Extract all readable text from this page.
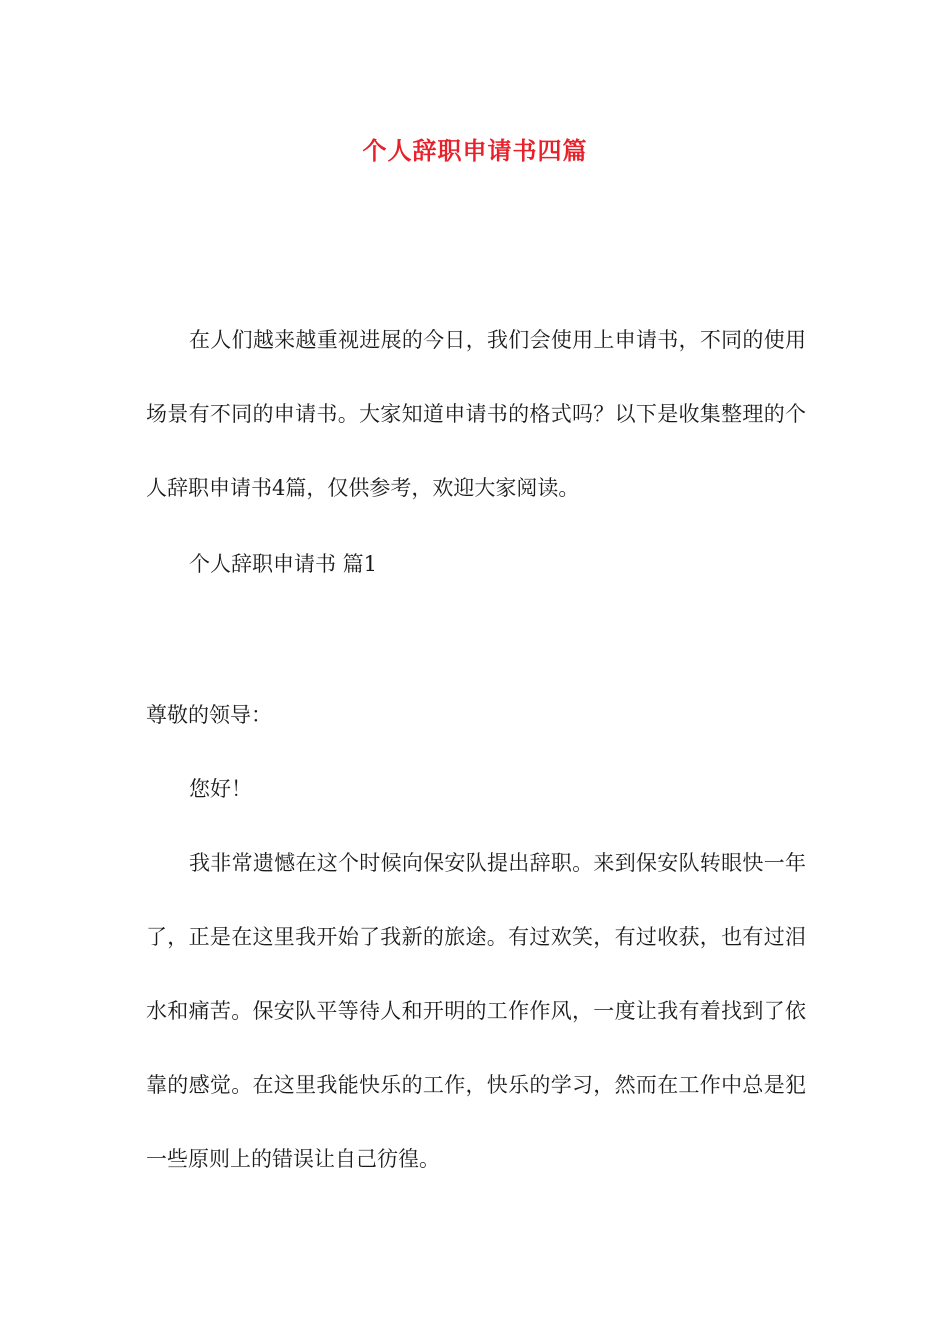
个人辞职申请书四篇

在人们越来越重视进展的今日，我们会使用上申请书，不同的使用场景有不同的申请书。大家知道申请书的格式吗？以下是收集整理的个人辞职申请书4篇，仅供参考，欢迎大家阅读。

个人辞职申请书 篇1

尊敬的领导：

您好！

我非常遗憾在这个时候向保安队提出辞职。来到保安队转眼快一年了，正是在这里我开始了我新的旅途。有过欢笑，有过收获，也有过泪水和痛苦。保安队平等待人和开明的工作作风，一度让我有着找到了依靠的感觉。在这里我能快乐的工作，快乐的学习，然而在工作中总是犯一些原则上的错误让自己彷徨。
